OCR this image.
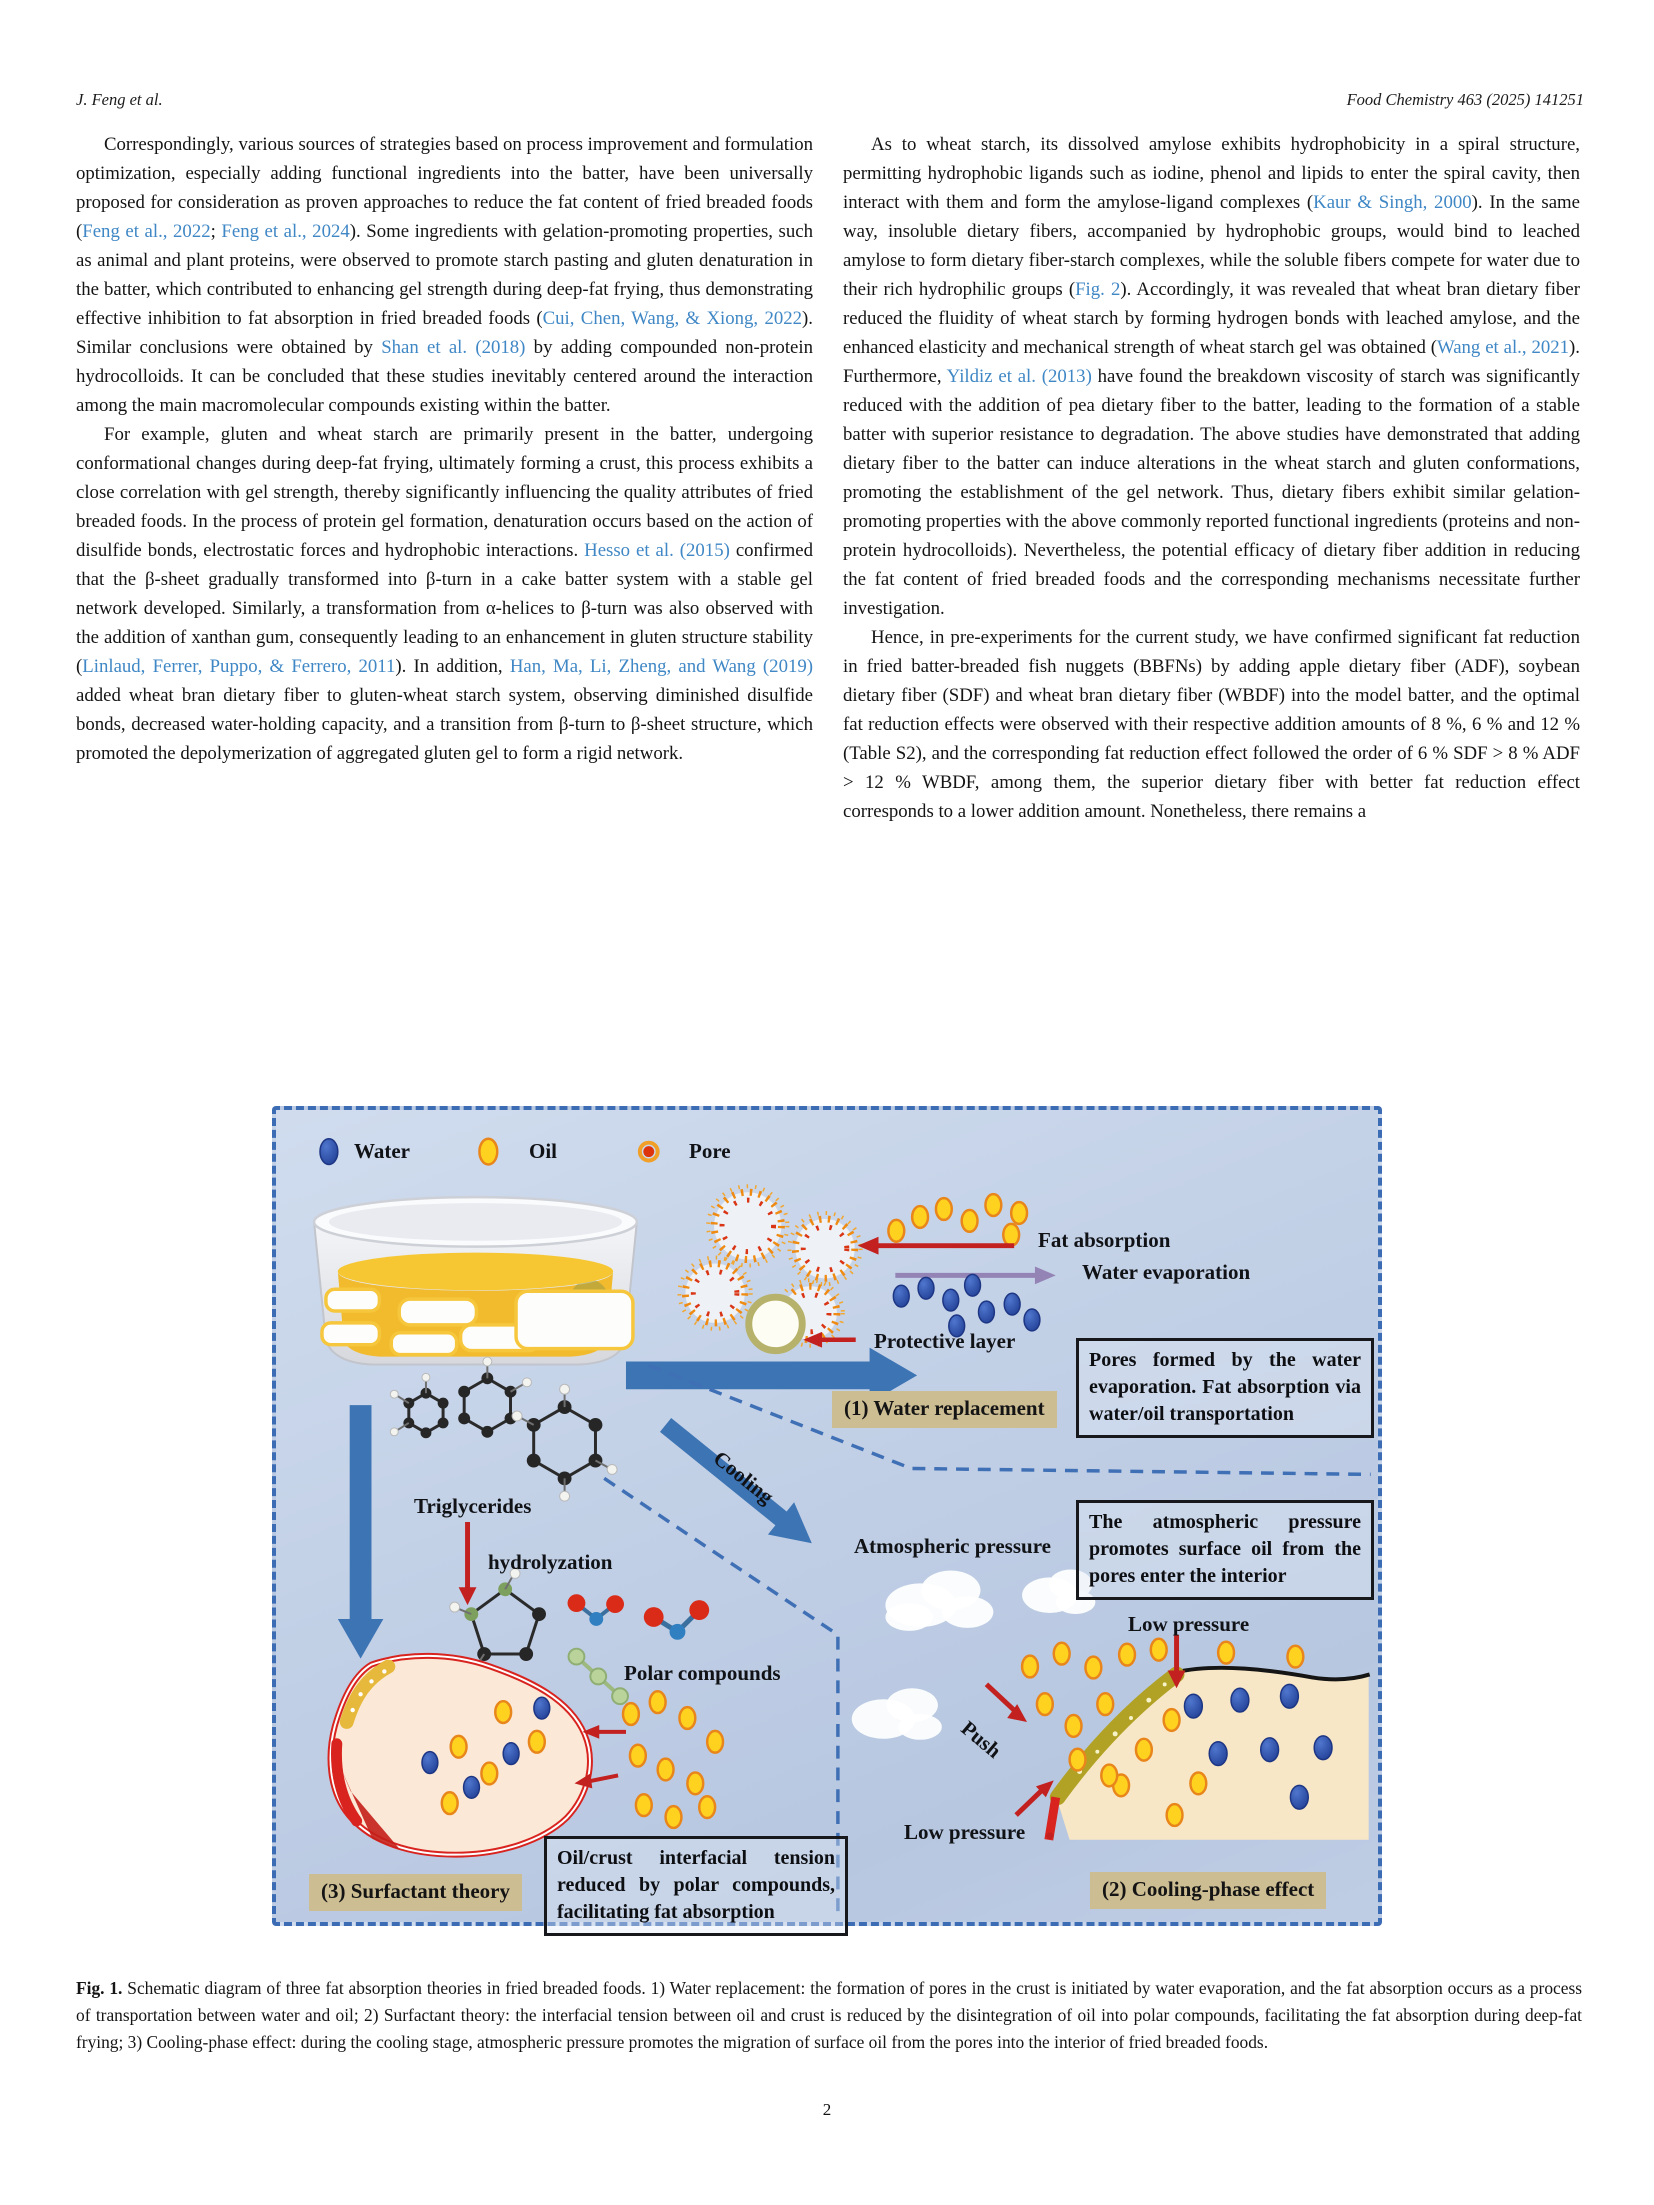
J. Feng et al.	Food Chemistry 463 (2025) 141251

Correspondingly, various sources of strategies based on process improvement and formulation optimization, especially adding functional ingredients into the batter, have been universally proposed for consideration as proven approaches to reduce the fat content of fried breaded foods (Feng et al., 2022; Feng et al., 2024). Some ingredients with gelation-promoting properties, such as animal and plant proteins, were observed to promote starch pasting and gluten denaturation in the batter, which contributed to enhancing gel strength during deep-fat frying, thus demonstrating effective inhibition to fat absorption in fried breaded foods (Cui, Chen, Wang, & Xiong, 2022). Similar conclusions were obtained by Shan et al. (2018) by adding compounded non-protein hydrocolloids. It can be concluded that these studies inevitably centered around the interaction among the main macromolecular compounds existing within the batter.

For example, gluten and wheat starch are primarily present in the batter, undergoing conformational changes during deep-fat frying, ultimately forming a crust, this process exhibits a close correlation with gel strength, thereby significantly influencing the quality attributes of fried breaded foods. In the process of protein gel formation, denaturation occurs based on the action of disulfide bonds, electrostatic forces and hydrophobic interactions. Hesso et al. (2015) confirmed that the β-sheet gradually transformed into β-turn in a cake batter system with a stable gel network developed. Similarly, a transformation from α-helices to β-turn was also observed with the addition of xanthan gum, consequently leading to an enhancement in gluten structure stability (Linlaud, Ferrer, Puppo, & Ferrero, 2011). In addition, Han, Ma, Li, Zheng, and Wang (2019) added wheat bran dietary fiber to gluten-wheat starch system, observing diminished disulfide bonds, decreased water-holding capacity, and a transition from β-turn to β-sheet structure, which promoted the depolymerization of aggregated gluten gel to form a rigid network.

As to wheat starch, its dissolved amylose exhibits hydrophobicity in a spiral structure, permitting hydrophobic ligands such as iodine, phenol and lipids to enter the spiral cavity, then interact with them and form the amylose-ligand complexes (Kaur & Singh, 2000). In the same way, insoluble dietary fibers, accompanied by hydrophobic groups, would bind to leached amylose to form dietary fiber-starch complexes, while the soluble fibers compete for water due to their rich hydrophilic groups (Fig. 2). Accordingly, it was revealed that wheat bran dietary fiber reduced the fluidity of wheat starch by forming hydrogen bonds with leached amylose, and the enhanced elasticity and mechanical strength of wheat starch gel was obtained (Wang et al., 2021). Furthermore, Yildiz et al. (2013) have found the breakdown viscosity of starch was significantly reduced with the addition of pea dietary fiber to the batter, leading to the formation of a stable batter with superior resistance to degradation. The above studies have demonstrated that adding dietary fiber to the batter can induce alterations in the wheat starch and gluten conformations, promoting the establishment of the gel network. Thus, dietary fibers exhibit similar gelation-promoting properties with the above commonly reported functional ingredients (proteins and non-protein hydrocolloids). Nevertheless, the potential efficacy of dietary fiber addition in reducing the fat content of fried breaded foods and the corresponding mechanisms necessitate further investigation.

Hence, in pre-experiments for the current study, we have confirmed significant fat reduction in fried batter-breaded fish nuggets (BBFNs) by adding apple dietary fiber (ADF), soybean dietary fiber (SDF) and wheat bran dietary fiber (WBDF) into the model batter, and the optimal fat reduction effects were observed with their respective addition amounts of 8 %, 6 % and 12 % (Table S2), and the corresponding fat reduction effect followed the order of 6 % SDF > 8 % ADF > 12 % WBDF, among them, the superior dietary fiber with better fat reduction effect corresponds to a lower addition amount. Nonetheless, there remains a

Water	Oil	Pore
Fat absorption
Water evaporation
Protective layer
(1) Water replacement
Pores formed by the water evaporation. Fat absorption via water/oil transportation
Triglycerides
hydrolyzation
Cooling
Atmospheric pressure
The atmospheric pressure promotes surface oil from the pores enter the interior
Low pressure
Push
Low pressure
(2) Cooling-phase effect
Polar compounds
Oil/crust interfacial tension reduced by polar compounds, facilitating fat absorption
(3) Surfactant theory
Fig. 1. Schematic diagram of three fat absorption theories in fried breaded foods. 1) Water replacement: the formation of pores in the crust is initiated by water evaporation, and the fat absorption occurs as a process of transportation between water and oil; 2) Surfactant theory: the interfacial tension between oil and crust is reduced by the disintegration of oil into polar compounds, facilitating the fat absorption during deep-fat frying; 3) Cooling-phase effect: during the cooling stage, atmospheric pressure promotes the migration of surface oil from the pores into the interior of fried breaded foods.
2
